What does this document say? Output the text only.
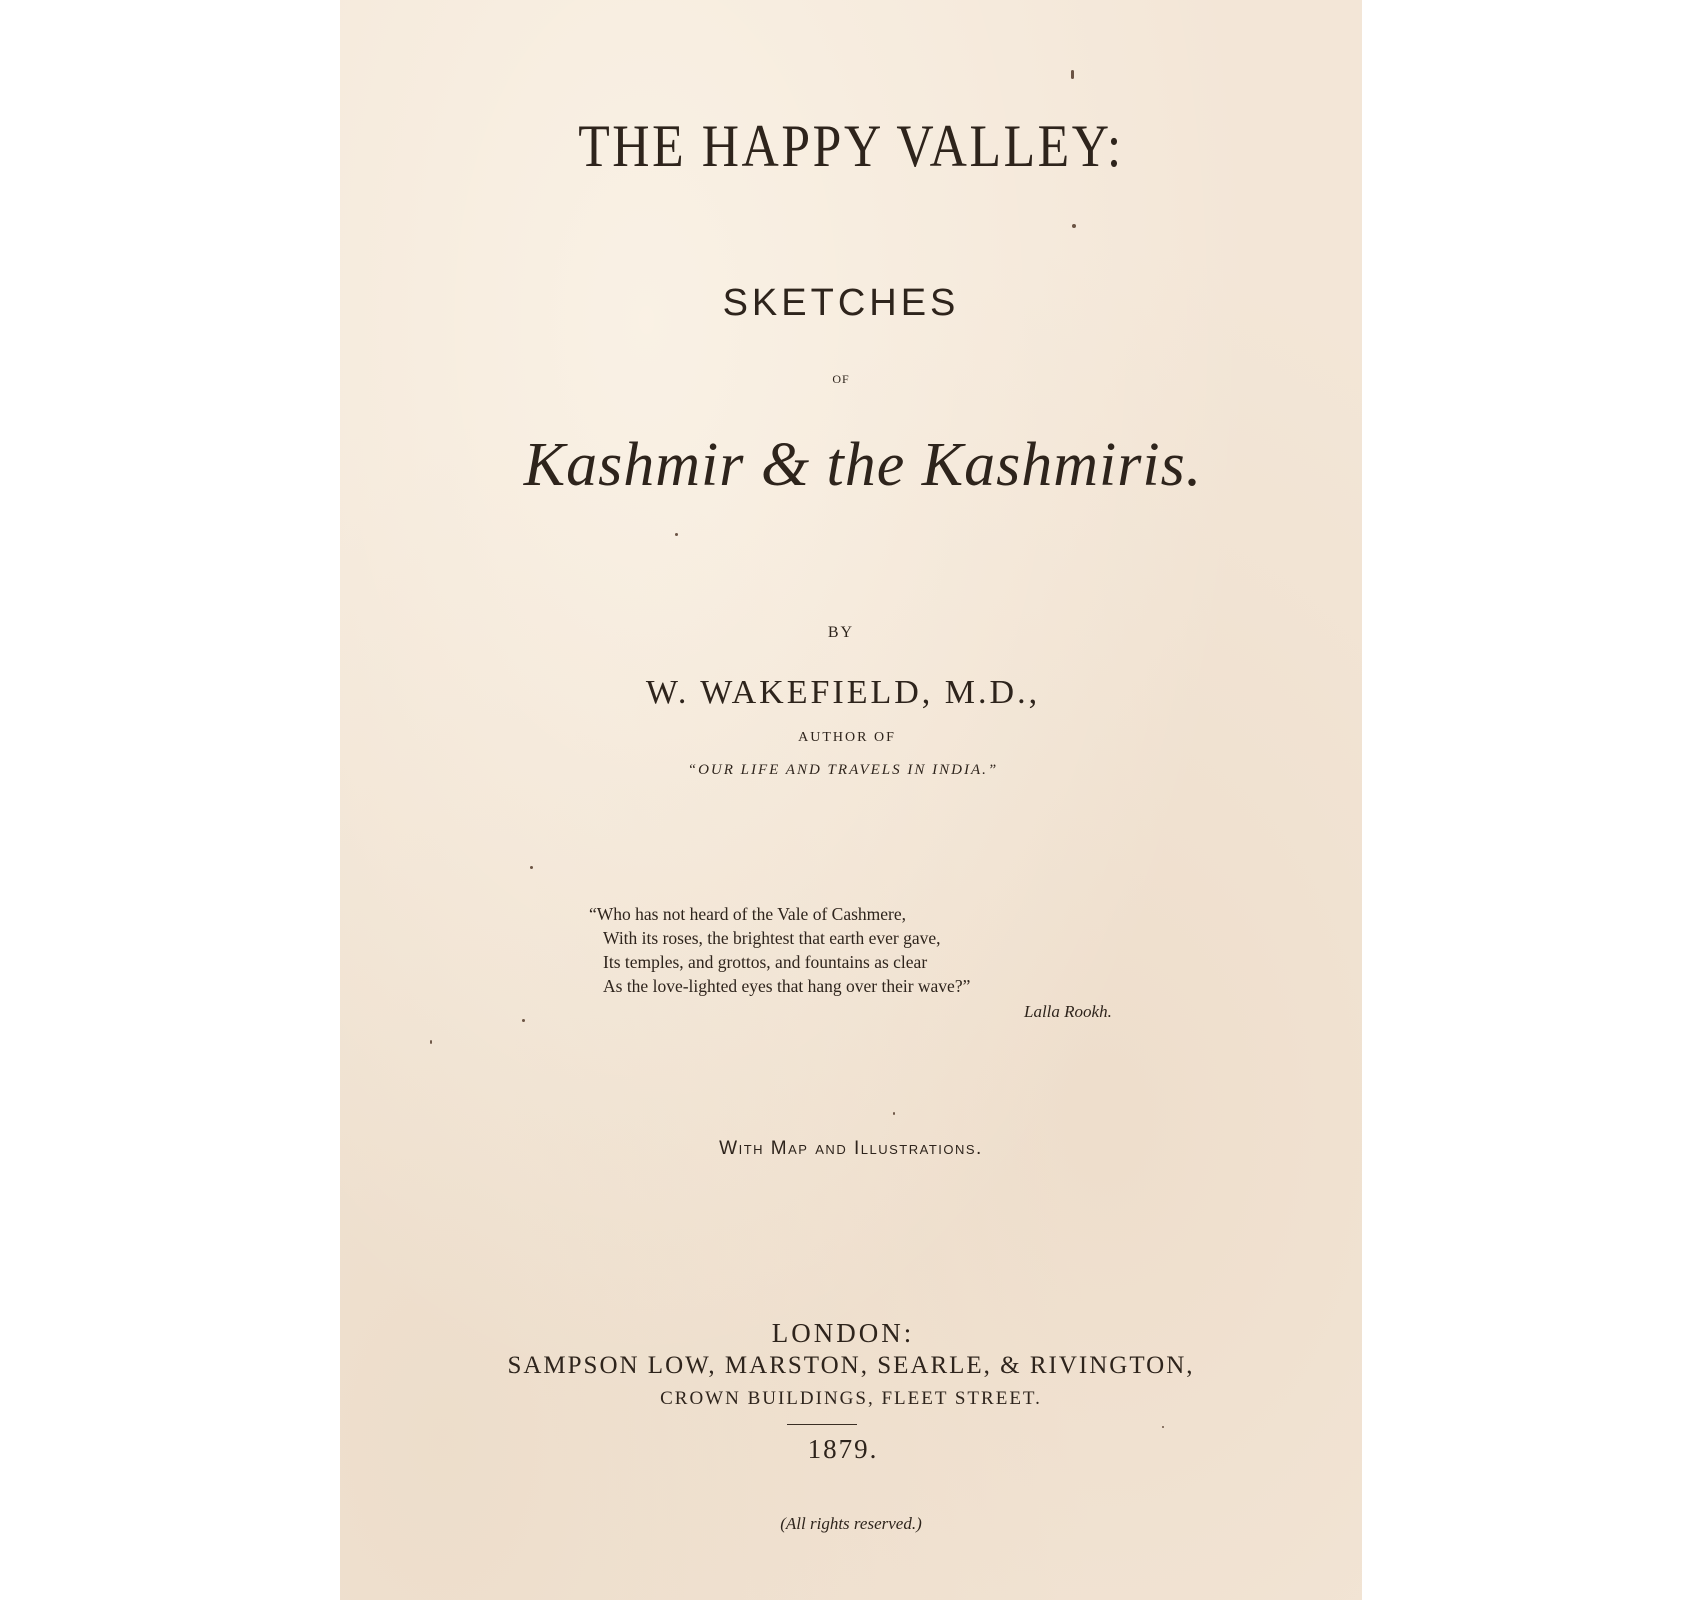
THE HAPPY VALLEY:

SKETCHES

OF

Kashmir & the Kashmiris.

BY

W. WAKEFIELD, M.D.,

AUTHOR OF

“OUR LIFE AND TRAVELS IN INDIA.”

“Who has not heard of the Vale of Cashmere,
With its roses, the brightest that earth ever gave,
Its temples, and grottos, and fountains as clear
As the love-lighted eyes that hang over their wave?”

Lalla Rookh.

With Map and Illustrations.

LONDON:

SAMPSON LOW, MARSTON, SEARLE, & RIVINGTON,

CROWN BUILDINGS, FLEET STREET.

1879.

(All rights reserved.)
